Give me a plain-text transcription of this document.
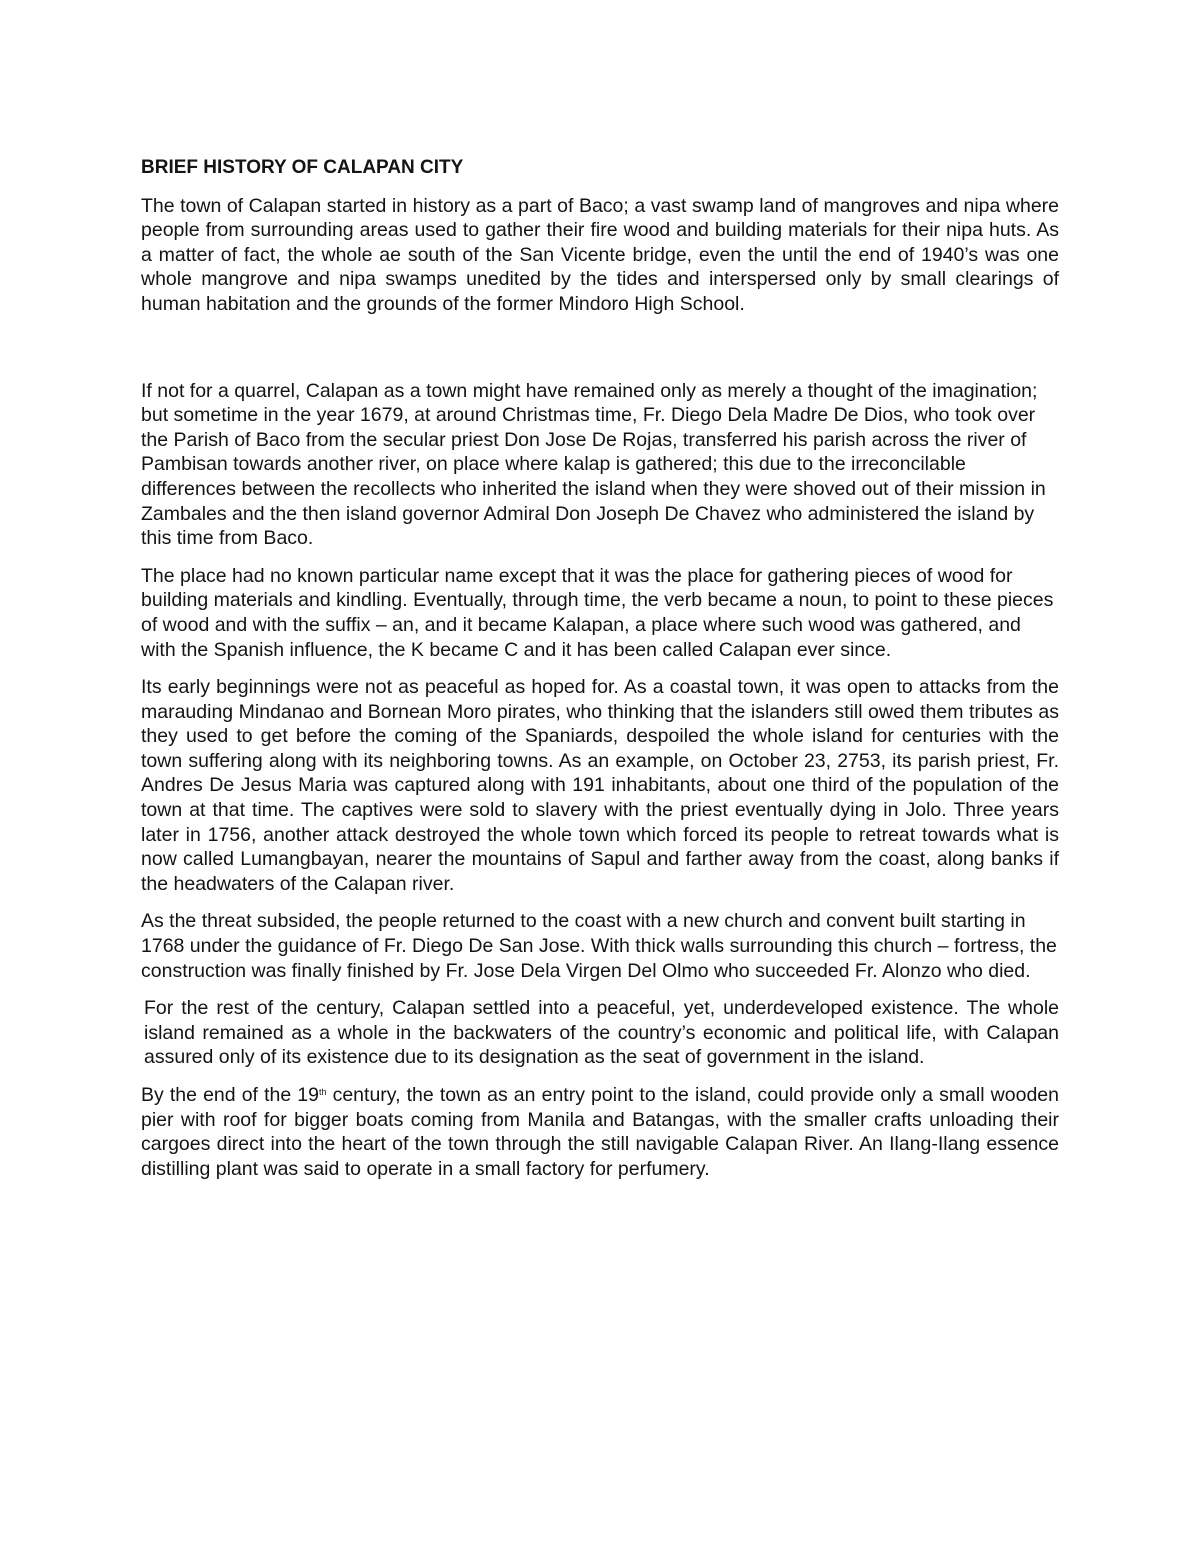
BRIEF HISTORY OF CALAPAN CITY

The town of Calapan started in history as a part of Baco; a vast swamp land of mangroves and nipa where people from surrounding areas used to gather their fire wood and building materials for their nipa huts. As a matter of fact, the whole ae south of the San Vicente bridge, even the until the end of 1940’s was one whole mangrove and nipa swamps unedited by the tides and interspersed only by small clearings of human habitation and the grounds of the former Mindoro High School.

If not for a quarrel, Calapan as a town might have remained only as merely a thought of the imagination; but sometime in the year 1679, at around Christmas time, Fr. Diego Dela Madre De Dios, who took over the Parish of Baco from the secular priest Don Jose De Rojas, transferred his parish across the river of Pambisan towards another river, on place where kalap is gathered; this due to the irreconcilable differences between the recollects who inherited the island when they were shoved out of their mission in Zambales and the then island governor Admiral Don Joseph De Chavez who administered the island by this time from Baco.

The place had no known particular name except that it was the place for gathering pieces of wood for building materials and kindling. Eventually, through time, the verb became a noun, to point to these pieces of wood and with the suffix – an, and it became Kalapan, a place where such wood was gathered, and with the Spanish influence, the K became C and it has been called Calapan ever since.

Its early beginnings were not as peaceful as hoped for. As a coastal town, it was open to attacks from the marauding Mindanao and Bornean Moro pirates, who thinking that the islanders still owed them tributes as they used to get before the coming of the Spaniards, despoiled the whole island for centuries with the town suffering along with its neighboring towns. As an example, on October 23, 2753, its parish priest, Fr. Andres De Jesus Maria was captured along with 191 inhabitants, about one third of the population of the town at that time. The captives were sold to slavery with the priest eventually dying in Jolo. Three years later in 1756, another attack destroyed the whole town which forced its people to retreat towards what is now called Lumangbayan, nearer the mountains of Sapul and farther away from the coast, along banks if the headwaters of the Calapan river.

As the threat subsided, the people returned to the coast with a new church and convent built starting in 1768 under the guidance of Fr. Diego De San Jose. With thick walls surrounding this church – fortress, the construction was finally finished by Fr. Jose Dela Virgen Del Olmo who succeeded Fr. Alonzo who died.

For the rest of the century, Calapan settled into a peaceful, yet, underdeveloped existence. The whole island remained as a whole in the backwaters of the country’s economic and political life, with Calapan assured only of its existence due to its designation as the seat of government in the island.

By the end of the 19th century, the town as an entry point to the island, could provide only a small wooden pier with roof for bigger boats coming from Manila and Batangas, with the smaller crafts unloading their cargoes direct into the heart of the town through the still navigable Calapan River. An Ilang-Ilang essence distilling plant was said to operate in a small factory for perfumery.
